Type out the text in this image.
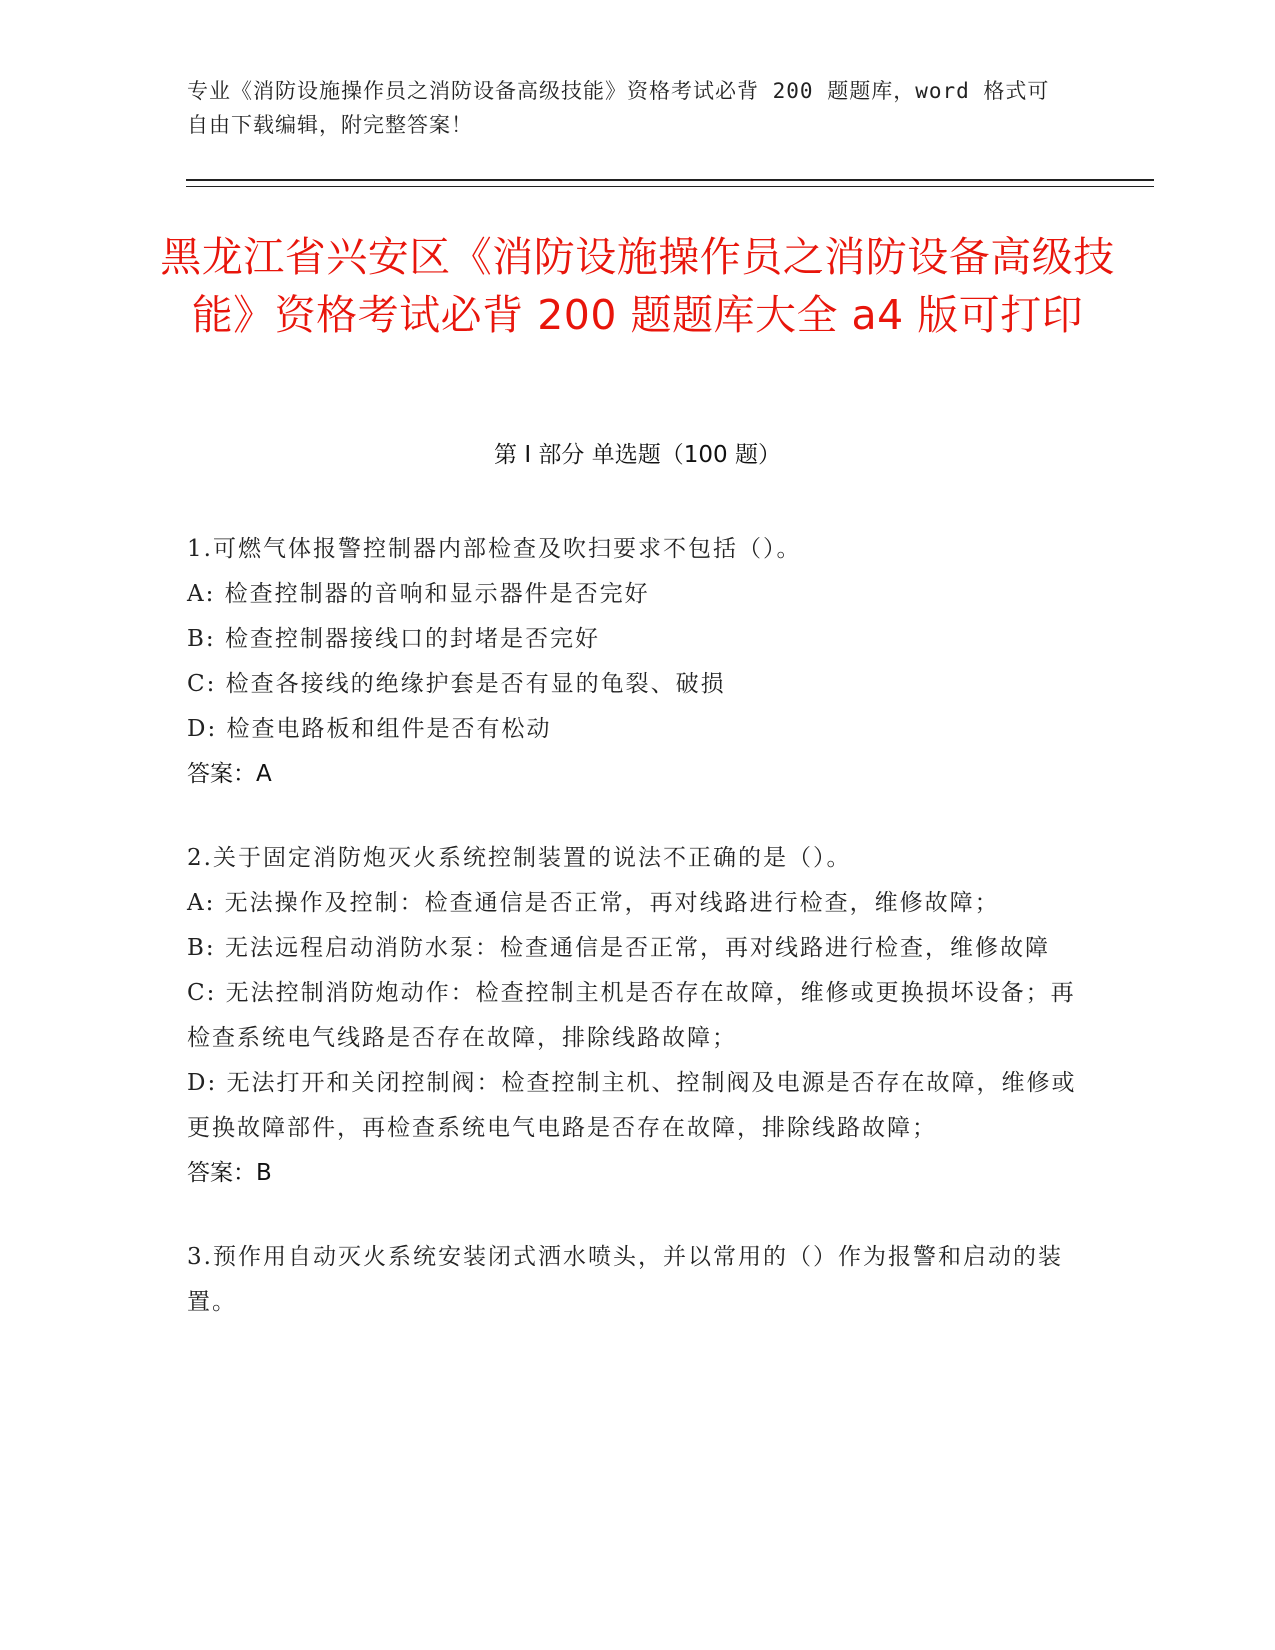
专业《消防设施操作员之消防设备高级技能》资格考试必背 200 题题库，word 格式可自由下载编辑，附完整答案！
黑龙江省兴安区《消防设施操作员之消防设备高级技能》资格考试必背 200 题题库大全 a4 版可打印
第 I 部分 单选题（100 题）

1.可燃气体报警控制器内部检查及吹扫要求不包括（）。

A: 检查控制器的音响和显示器件是否完好

B: 检查控制器接线口的封堵是否完好

C: 检查各接线的绝缘护套是否有显的龟裂、破损

D: 检查电路板和组件是否有松动

答案：A

2.关于固定消防炮灭火系统控制装置的说法不正确的是（）。

A: 无法操作及控制：检查通信是否正常，再对线路进行检查，维修故障；

B: 无法远程启动消防水泵：检查通信是否正常，再对线路进行检查，维修故障

C: 无法控制消防炮动作：检查控制主机是否存在故障，维修或更换损坏设备；再检查系统电气线路是否存在故障，排除线路故障；

D: 无法打开和关闭控制阀：检查控制主机、控制阀及电源是否存在故障，维修或更换故障部件，再检查系统电气电路是否存在故障，排除线路故障；

答案：B

3.预作用自动灭火系统安装闭式洒水喷头，并以常用的（）作为报警和启动的装置。
